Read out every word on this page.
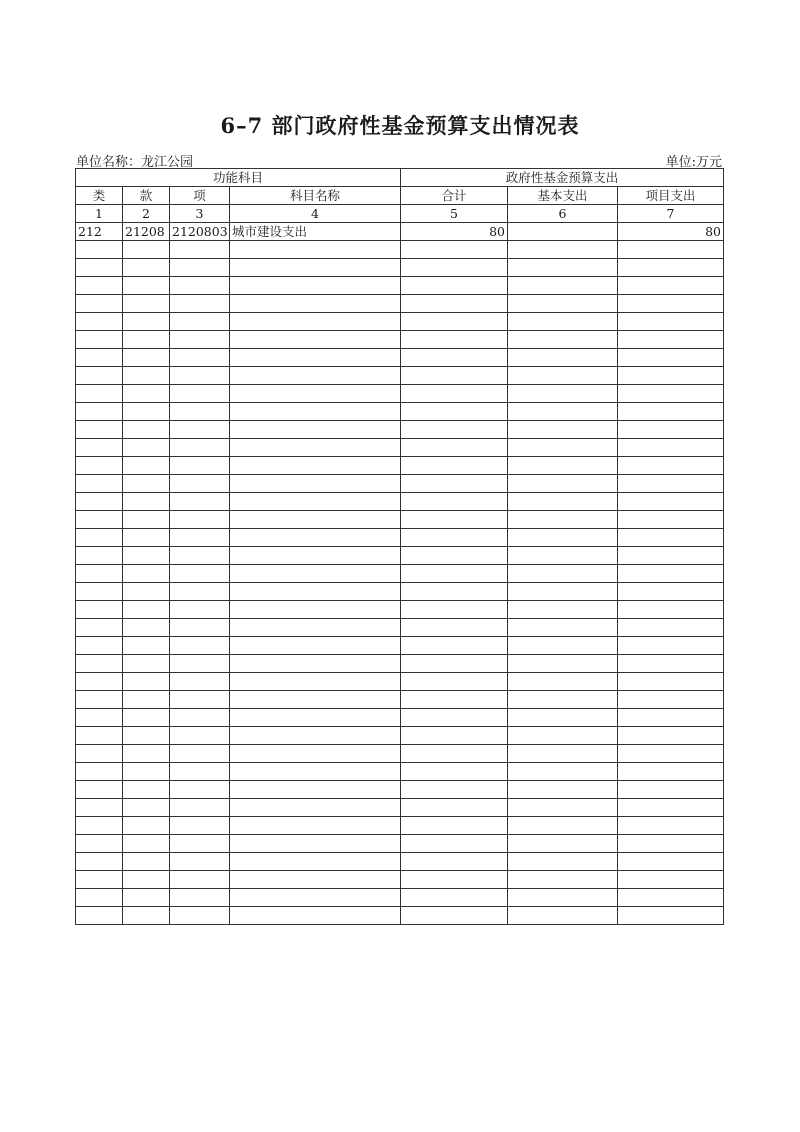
6–7 部门政府性基金预算支出情况表
单位名称：龙江公园	单位:万元
功能科目				政府性基金预算支出		
类	款	项	科目名称	合计	基本支出	项目支出
1	2	3	4	5	6	7
212	21208	2120803	城市建设支出	80		80
